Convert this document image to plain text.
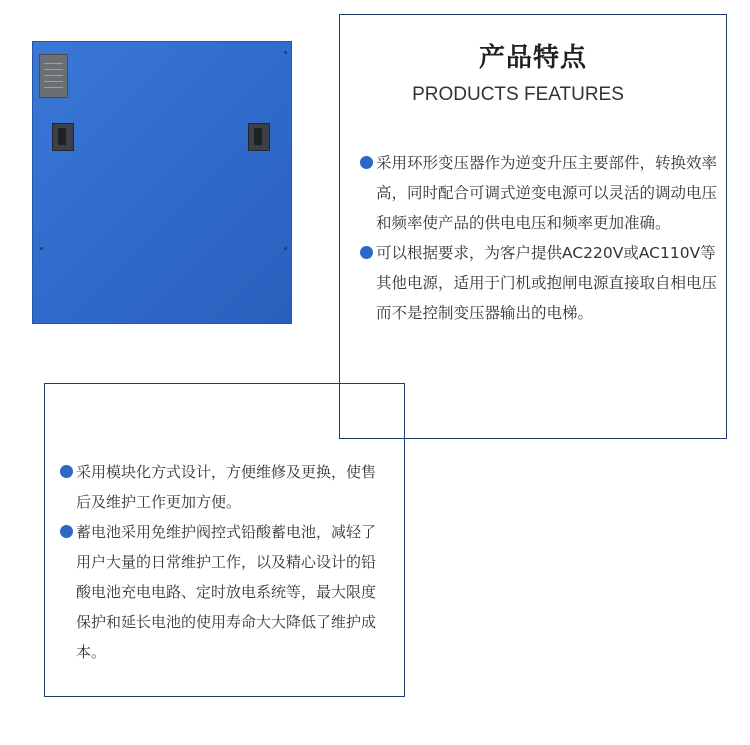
产品特点
PRODUCTS FEATURES
采用环形变压器作为逆变升压主要部件，转换效率高，同时配合可调式逆变电源可以灵活的调动电压和频率使产品的供电电压和频率更加准确。
可以根据要求，为客户提供AC220V或AC110V等其他电源，适用于门机或抱闸电源直接取自相电压而不是控制变压器输出的电梯。
采用模块化方式设计，方便维修及更换，使售后及维护工作更加方便。
蓄电池采用免维护阀控式铅酸蓄电池，减轻了用户大量的日常维护工作，以及精心设计的铅酸电池充电电路、定时放电系统等，最大限度保护和延长电池的使用寿命大大降低了维护成本。
